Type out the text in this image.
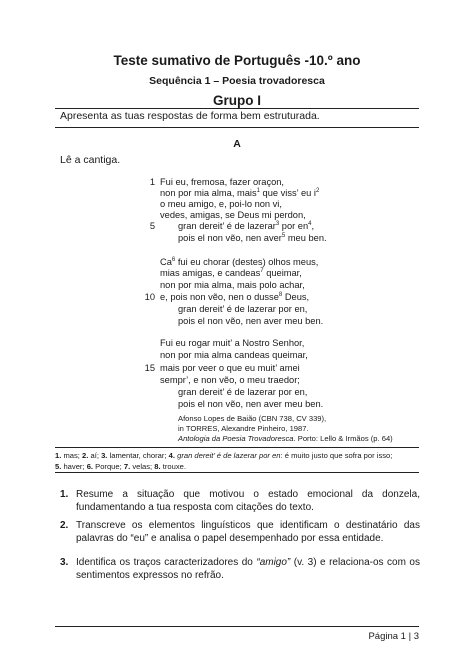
Teste sumativo de Português -10.º ano
Sequência 1 – Poesia trovadoresca
Grupo I
Apresenta as tuas respostas de forma bem estruturada.
A
Lê a cantiga.
1
5
10
15
Fui eu, fremosa, fazer oraçon,
non por mia alma, mais$^1$ que viss’ eu $i^2$
o meu amigo, e, poi-lo non vi,
vedes, amigas, se Deus mi perdon,
gran dereit’ é de lazerar$^3$ por $en^4$,
pois el non vẽo, nen aver$^5$ meu ben.
Ca$^6$ fui eu chorar (destes) olhos meus,
mias amigas, e candeas$^7$ queimar,
non por mia alma, mais polo achar,
e, pois non vẽo, nen o dusse$^8$ Deus,
gran dereit’ é de lazerar por en,
pois el non vẽo, nen aver meu ben.
Fui eu rogar muit’ a Nostro Senhor,
non por mia alma candeas queimar,
mais por veer o que eu muit’ amei
sempr’, e non vẽo, o meu traedor;
gran dereit’ é de lazerar por en,
pois el non vẽo, nen aver meu ben.
Afonso Lopes de Baião (CBN 738, CV 339),
in TORRES, Alexandre Pinheiro, 1987.
Antologia da Poesia Trovadoresca. Porto: Lello & Irmãos (p. 64)
1. mas; 2. aí; 3. lamentar, chorar; 4. gran dereit’ é de lazerar por en: é muito justo que sofra por isso;
5. haver; 6. Porque; 7. velas; 8. trouxe.
1. Resume a situação que motivou o estado emocional da donzela, fundamentando a tua resposta com citações do texto.
2. Transcreve os elementos linguísticos que identificam o destinatário das palavras do “eu” e analisa o papel desempenhado por essa entidade.
3. Identifica os traços caracterizadores do “amigo” (v. 3) e relaciona-os com os sentimentos expressos no refrão.
Página 1 | 3
